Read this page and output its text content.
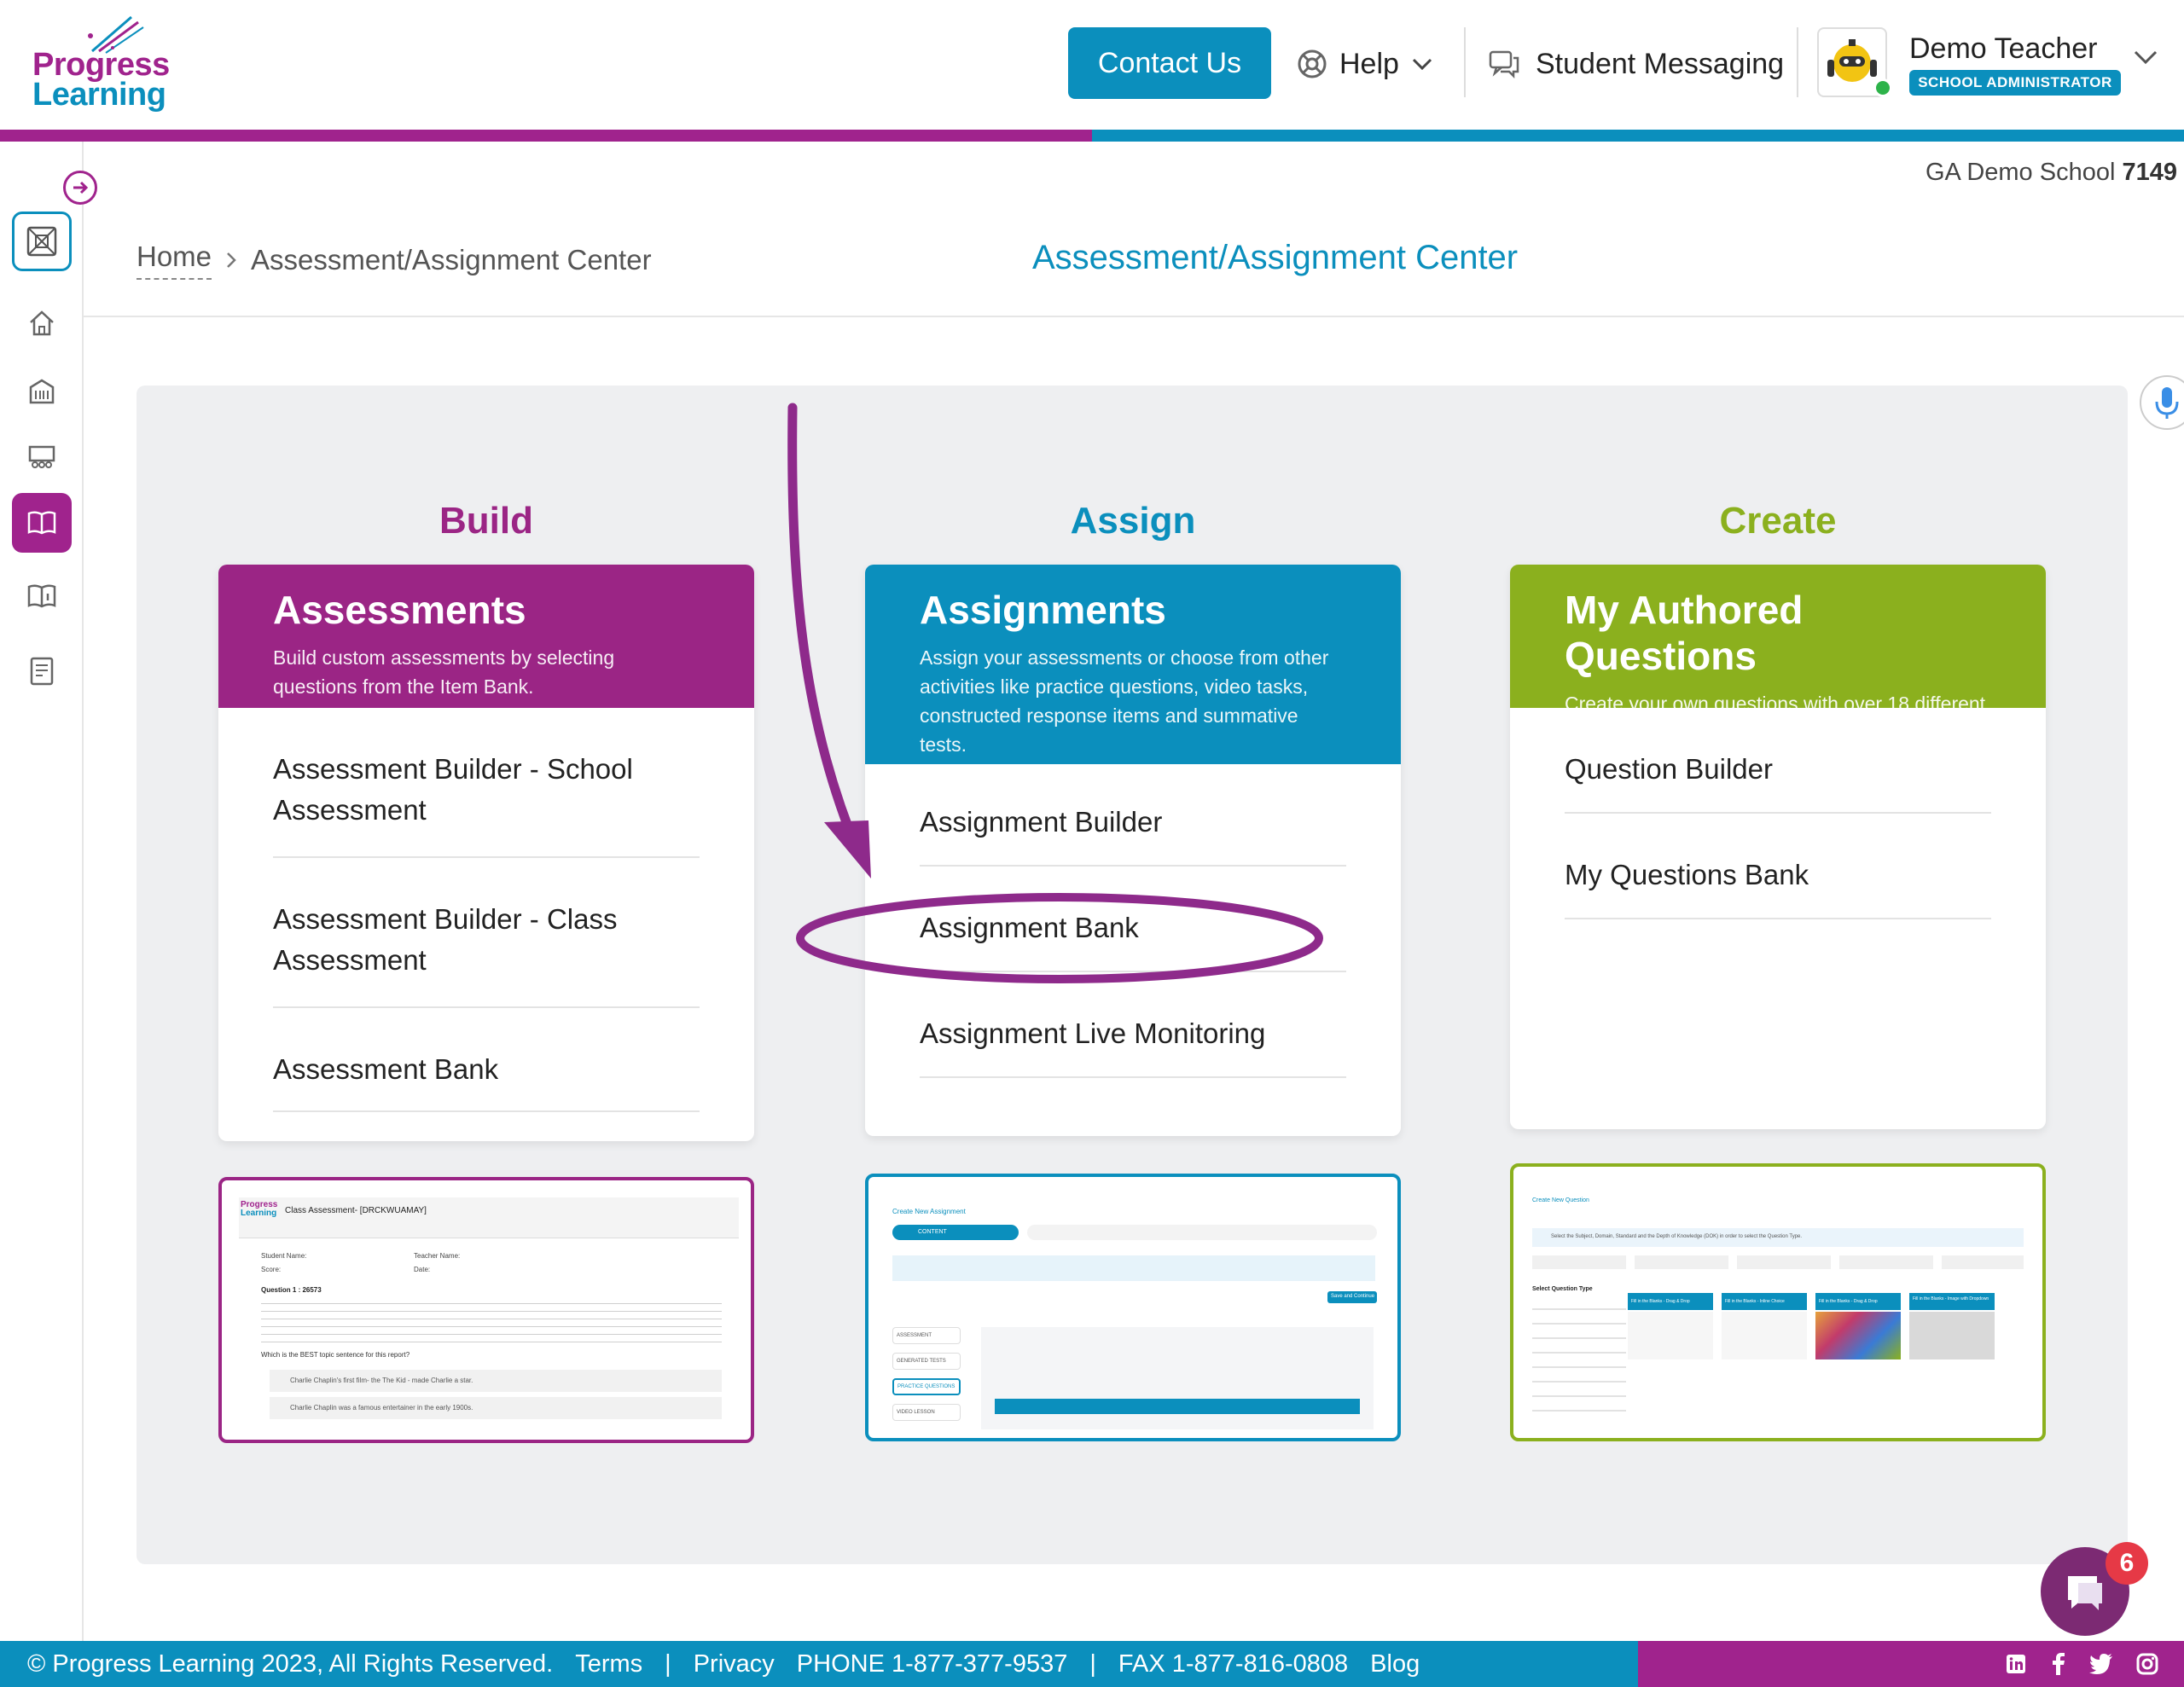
Progress
Learning
Contact Us	Help	Student Messaging	Demo Teacher
SCHOOL ADMINISTRATOR
GA Demo School 7149
Home Assessment/Assignment Center	Assessment/Assignment Center
Build
Assessments

Build custom assessments by selecting questions from the Item Bank.

Assessment Builder - School Assessment
Assessment Builder - Class Assessment
Assessment Bank
Assign
Assignments

Assign your assessments or choose from other activities like practice questions, video tasks, constructed response items and summative tests.

Assignment Builder
Assignment Bank
Assignment Live Monitoring
Create
My Authored Questions

Create your own questions with over 18 different question types to choose from.

Question Builder
My Questions Bank
Progress
Learning Class Assessment- [DRCKWUAMAY]
Student Name:	Teacher Name:
Score:	Date:
Question 1 : 26573
Which is the BEST topic sentence for this report?
Charlie Chaplin's first film- the The Kid - made Charlie a star.
Charlie Chaplin was a famous entertainer in the early 1900s.
Create New Assignment
CONTENT
Save and Continue
ASSESSMENT
GENERATED TESTS
PRACTICE QUESTIONS
VIDEO LESSON
Create New Question
Select the Subject, Domain, Standard and the Depth of Knowledge (DOK) in order to select the Question Type.
Select Question Type
Fill in the Blanks - Drag & Drop	Fill in the Blanks - Inline Choice	Fill in the Blanks - Drag & Drop	Fill in the Blanks - Image with Dropdown
© Progress Learning 2023, All Rights Reserved. Terms | Privacy PHONE 1-877-377-9537 | FAX 1-877-816-0808 Blog
6
